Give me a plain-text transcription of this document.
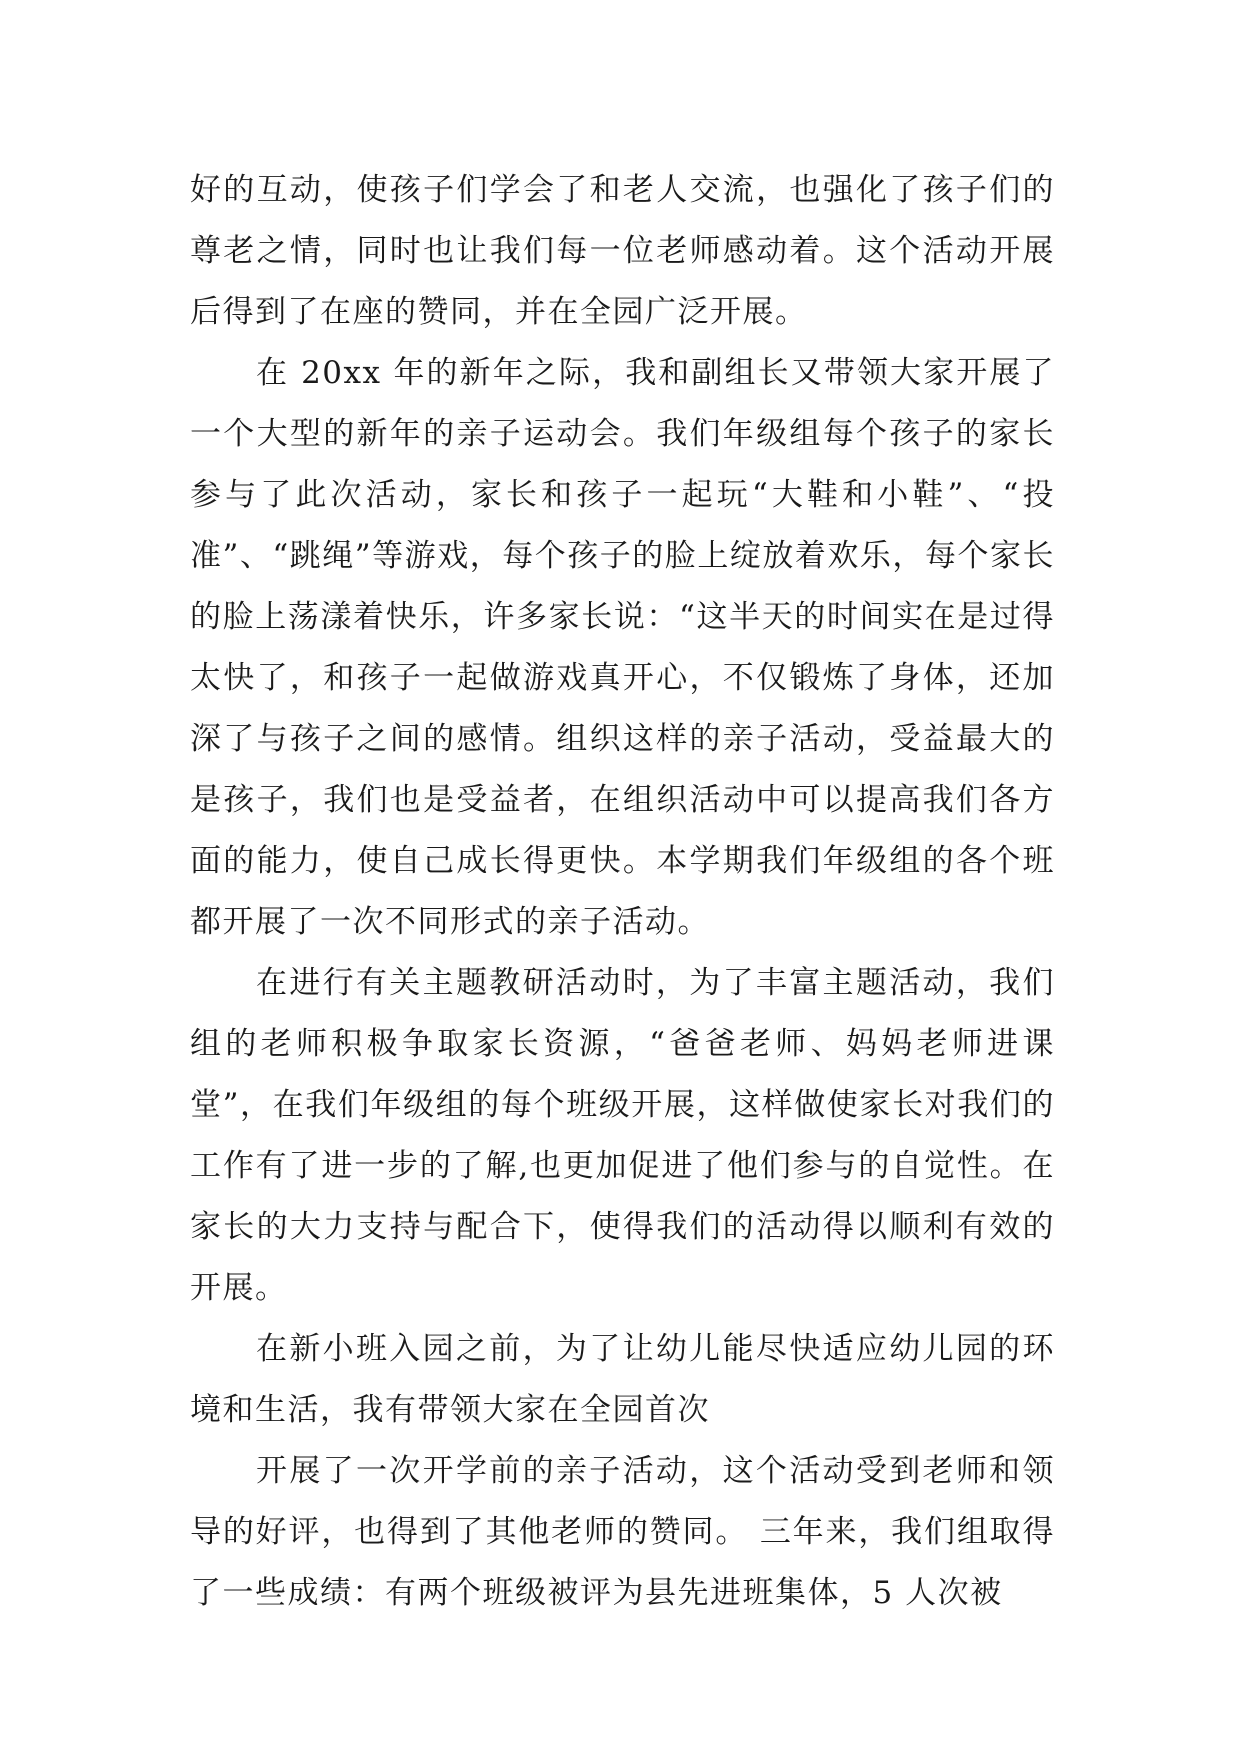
好的互动，使孩子们学会了和老人交流，也强化了孩子们的尊老之情，同时也让我们每一位老师感动着。这个活动开展后得到了在座的赞同，并在全园广泛开展。

在 20xx 年的新年之际，我和副组长又带领大家开展了一个大型的新年的亲子运动会。我们年级组每个孩子的家长参与了此次活动，家长和孩子一起玩“大鞋和小鞋”、“投准”、“跳绳”等游戏，每个孩子的脸上绽放着欢乐，每个家长的脸上荡漾着快乐，许多家长说：“这半天的时间实在是过得太快了，和孩子一起做游戏真开心，不仅锻炼了身体，还加深了与孩子之间的感情。组织这样的亲子活动，受益最大的是孩子，我们也是受益者，在组织活动中可以提高我们各方面的能力，使自己成长得更快。本学期我们年级组的各个班都开展了一次不同形式的亲子活动。

在进行有关主题教研活动时，为了丰富主题活动，我们组的老师积极争取家长资源，“爸爸老师、妈妈老师进课堂”，在我们年级组的每个班级开展，这样做使家长对我们的工作有了进一步的了解,也更加促进了他们参与的自觉性。在家长的大力支持与配合下，使得我们的活动得以顺利有效的开展。

在新小班入园之前，为了让幼儿能尽快适应幼儿园的环境和生活，我有带领大家在全园首次

开展了一次开学前的亲子活动，这个活动受到老师和领导的好评，也得到了其他老师的赞同。 三年来，我们组取得了一些成绩：有两个班级被评为县先进班集体，5 人次被
